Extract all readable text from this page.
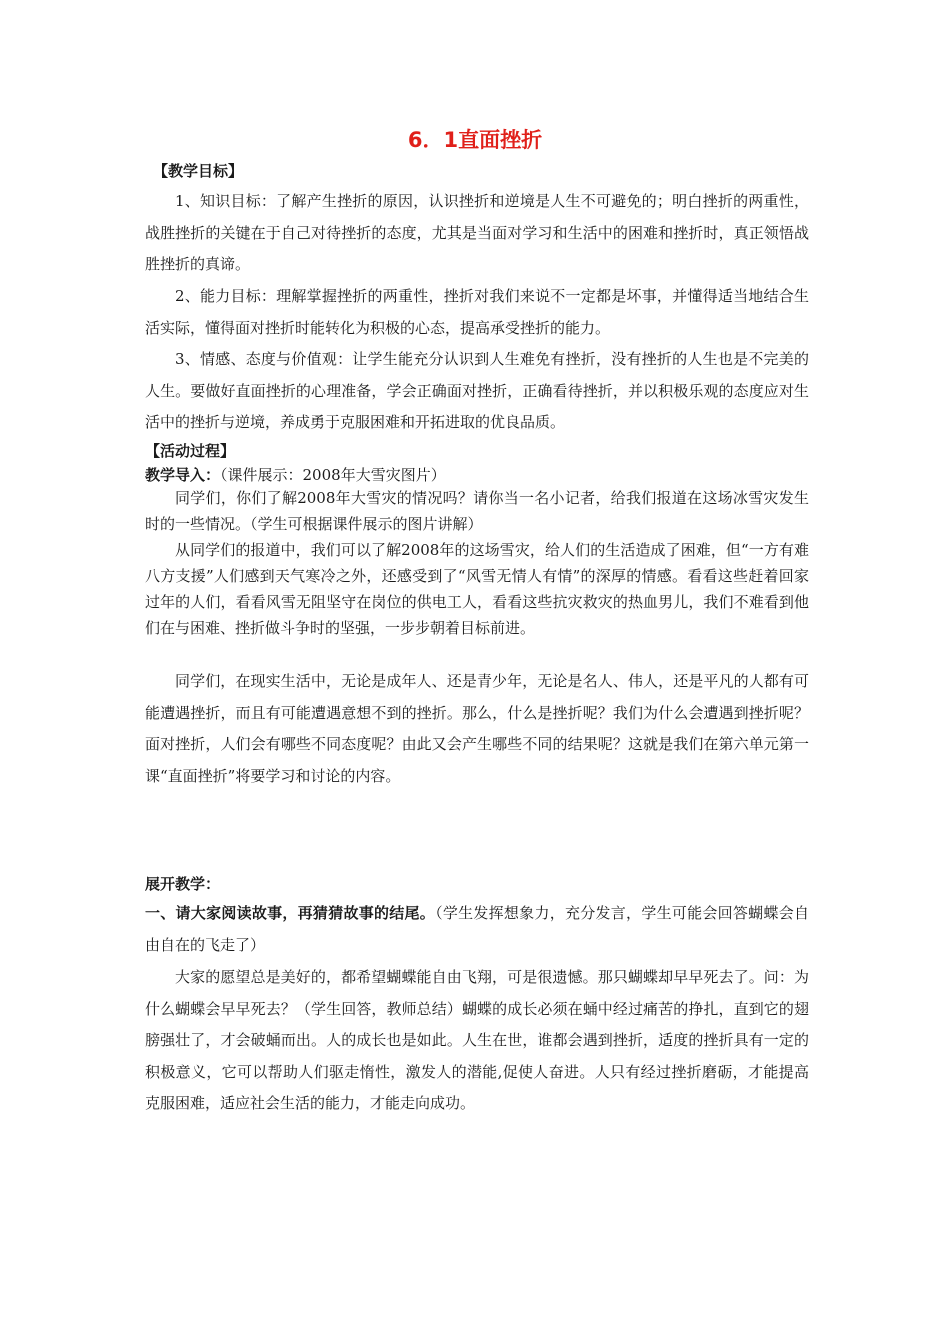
6．1直面挫折
【教学目标】
1、知识目标：了解产生挫折的原因，认识挫折和逆境是人生不可避免的；明白挫折的两重性，战胜挫折的关键在于自己对待挫折的态度，尤其是当面对学习和生活中的困难和挫折时，真正领悟战胜挫折的真谛。
2、能力目标：理解掌握挫折的两重性，挫折对我们来说不一定都是坏事，并懂得适当地结合生活实际，懂得面对挫折时能转化为积极的心态，提高承受挫折的能力。
3、情感、态度与价值观：让学生能充分认识到人生难免有挫折，没有挫折的人生也是不完美的人生。要做好直面挫折的心理准备，学会正确面对挫折，正确看待挫折，并以积极乐观的态度应对生活中的挫折与逆境，养成勇于克服困难和开拓进取的优良品质。
【活动过程】
教学导入：（课件展示：2008年大雪灾图片）
同学们，你们了解2008年大雪灾的情况吗？请你当一名小记者，给我们报道在这场冰雪灾发生时的一些情况。（学生可根据课件展示的图片讲解）
从同学们的报道中，我们可以了解2008年的这场雪灾，给人们的生活造成了困难，但“一方有难八方支援”人们感到天气寒冷之外，还感受到了“风雪无情人有情”的深厚的情感。看看这些赶着回家过年的人们，看看风雪无阻坚守在岗位的供电工人，看看这些抗灾救灾的热血男儿，我们不难看到他们在与困难、挫折做斗争时的坚强，一步步朝着目标前进。
同学们，在现实生活中，无论是成年人、还是青少年，无论是名人、伟人，还是平凡的人都有可能遭遇挫折，而且有可能遭遇意想不到的挫折。那么，什么是挫折呢？我们为什么会遭遇到挫折呢？面对挫折，人们会有哪些不同态度呢？由此又会产生哪些不同的结果呢？这就是我们在第六单元第一课“直面挫折”将要学习和讨论的内容。
展开教学：
一、请大家阅读故事，再猜猜故事的结尾。（学生发挥想象力，充分发言，学生可能会回答蝴蝶会自由自在的飞走了）
大家的愿望总是美好的，都希望蝴蝶能自由飞翔，可是很遗憾。那只蝴蝶却早早死去了。问：为什么蝴蝶会早早死去？（学生回答，教师总结）蝴蝶的成长必须在蛹中经过痛苦的挣扎，直到它的翅膀强壮了，才会破蛹而出。人的成长也是如此。人生在世，谁都会遇到挫折，适度的挫折具有一定的积极意义，它可以帮助人们驱走惰性，激发人的潜能,促使人奋进。人只有经过挫折磨砺，才能提高克服困难，适应社会生活的能力，才能走向成功。
